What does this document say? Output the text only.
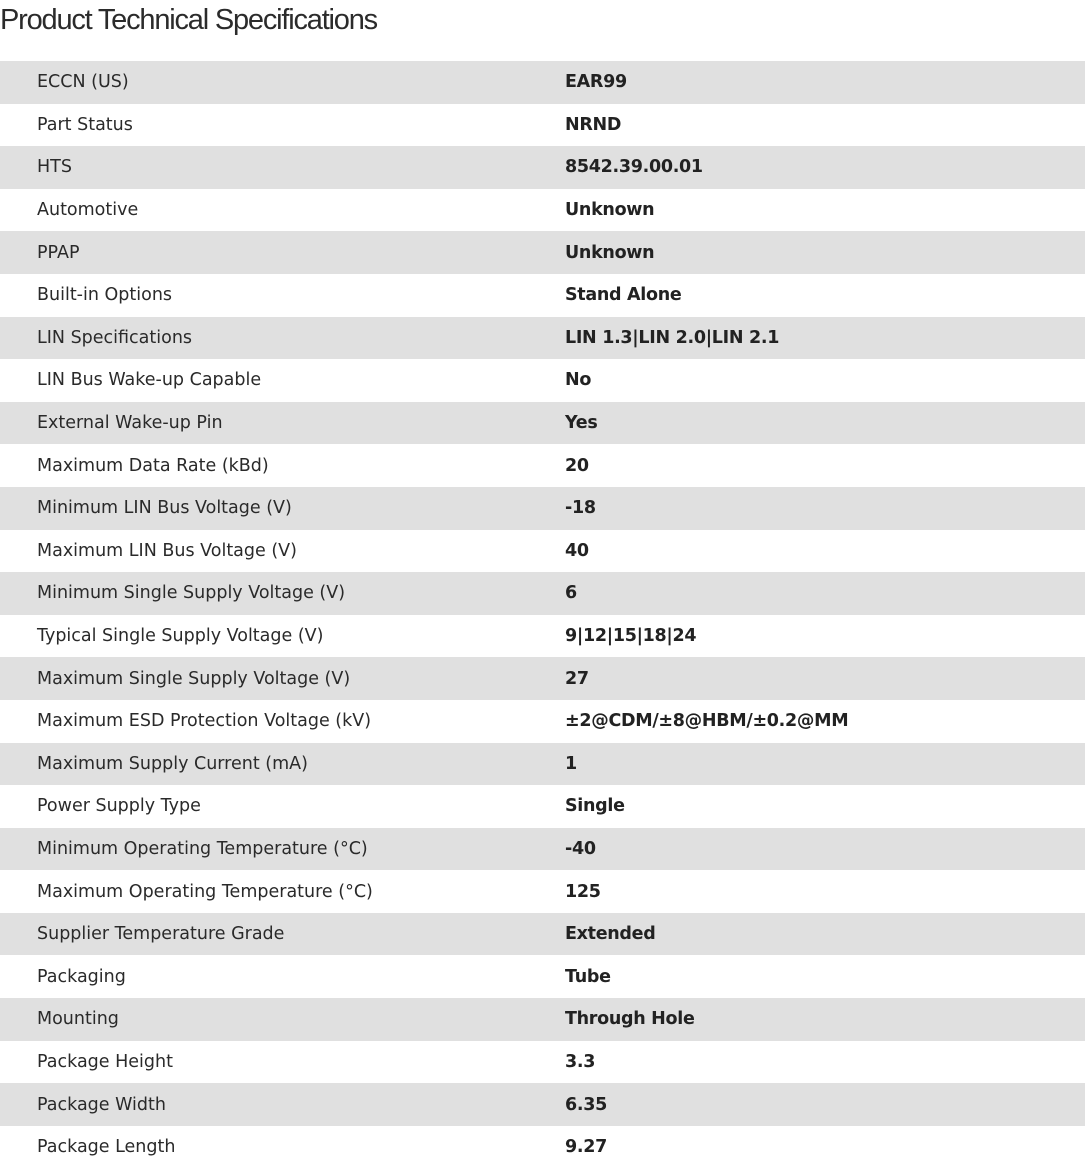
Product Technical Specifications
ECCN (US)	EAR99
Part Status	NRND
HTS	8542.39.00.01
Automotive	Unknown
PPAP	Unknown
Built-in Options	Stand Alone
LIN Specifications	LIN 1.3|LIN 2.0|LIN 2.1
LIN Bus Wake-up Capable	No
External Wake-up Pin	Yes
Maximum Data Rate (kBd)	20
Minimum LIN Bus Voltage (V)	-18
Maximum LIN Bus Voltage (V)	40
Minimum Single Supply Voltage (V)	6
Typical Single Supply Voltage (V)	9|12|15|18|24
Maximum Single Supply Voltage (V)	27
Maximum ESD Protection Voltage (kV)	±2@CDM/±8@HBM/±0.2@MM
Maximum Supply Current (mA)	1
Power Supply Type	Single
Minimum Operating Temperature (°C)	-40
Maximum Operating Temperature (°C)	125
Supplier Temperature Grade	Extended
Packaging	Tube
Mounting	Through Hole
Package Height	3.3
Package Width	6.35
Package Length	9.27
